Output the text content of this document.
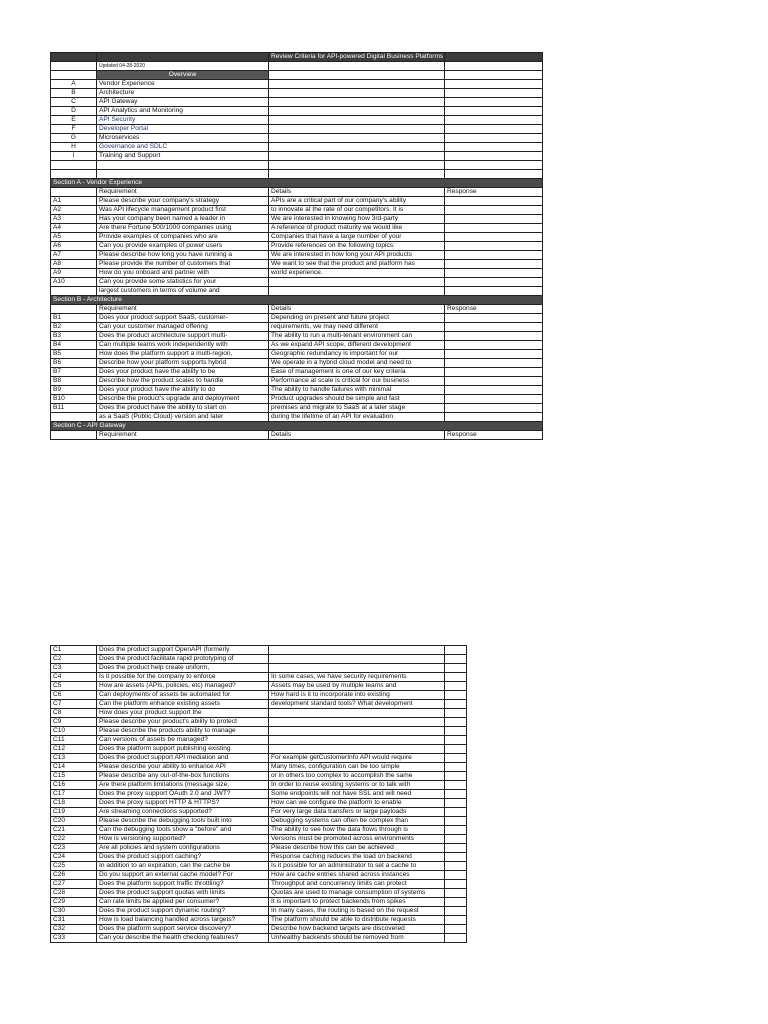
		Review Criteria for API-powered Digital Business Platforms	
	Updated 04-28-2020		
	Overview		
A	Vendor Experience		
B	Architecture		
C	API Gateway		
D	API Analytics and Monitoring		
E	API Security		
F	Developer Portal		
G	Microservices		
H	Governance and SDLC		
I	Training and Support		

Section A - Vendor Experience			
	Requirement	Details	Response
A1	Please describe your company's strategy	APIs are a critical part of our company's ability	
A2	Was API lifecycle management product first	to innovate at the rate of our competitors. It is	
A3	Has your company been named a leader in	We are interested in knowing how 3rd-party	
A4	Are there Fortune 500/1000 companies using	A reference of product maturity we would like	
A5	Provide examples of companies who are	Companies that have a large number of your	
A6	Can you provide examples of power users	Provide references on the following topics:	
A7	Please describe how long you have running a	We are interested in how long your API products	
A8	Please provide the number of customers that	We want to see that the product and platform has	
A9	How do you onboard and partner with	world experience.	
A10	Can you provide some statistics for your		
	largest customers in terms of volume and		
Section B - Architecture			
	Requirement	Details	Response
B1	Does your product support SaaS, customer-	Depending on present and future project	
B2	Can your customer managed offering	requirements, we may need different	
B3	Does the product architecture support multi-	The ability to run a multi-tenant environment can	
B4	Can multiple teams work independently with	As we expand API scope, different development	
B5	How does the platform support a multi-region,	Geographic redundancy is important for our	
B6	Describe how your platform supports hybrid	We operate in a hybrid cloud model and need to	
B7	Does your product have the ability to be	Ease of management is one of our key criteria	
B8	Describe how the product scales to handle	Performance at scale is critical for our business	
B9	Does your product have the ability to do	The ability to handle failures with minimal	
B10	Describe the product's upgrade and deployment	Product upgrades should be simple and fast	
B11	Does the product have the ability to start on	premises and migrate to SaaS at a later stage	
	as a SaaS (Public Cloud) version and later	during the lifetime of an API for evaluation	
Section C - API Gateway			
	Requirement	Details	Response
C1	Does the product support OpenAPI (formerly		
C2	Does the product facilitate rapid prototyping of		
C3	Does the product help create uniform,		
C4	Is it possible for the company to enforce	In some cases, we have security requirements	
C5	How are assets (APIs, policies, etc) managed?	Assets may be used by multiple teams and	
C6	Can deployments of assets be automated for	How hard is it to incorporate into existing	
C7	Can the platform enhance existing assets	development standard tools? What development	
C8	How does your product support the		
C9	Please describe your product's ability to protect		
C10	Please describe the products ability to manage		
C11	Can versions of assets be managed?		
C12	Does the platform support publishing existing		
C13	Does the product support API mediation and	For example getCustomerInfo API would require	
C14	Please describe your ability to enhance API	Many times, configuration can be too simple	
C15	Please describe any out-of-the-box functions	or in others too complex to accomplish the same	
C16	Are there platform limitations (message size,	In order to reuse existing systems or to talk with	
C17	Does the proxy support OAuth 2.0 and JWT?	Some endpoints will not have SSL and will need	
C18	Does the proxy support HTTP & HTTPS?	How can we configure the platform to enable	
C19	Are streaming connections supported?	For very large data transfers or large payloads	
C20	Please describe the debugging tools built into	Debugging systems can often be complex than	
C21	Can the debugging tools show a "before" and	The ability to see how the data flows through is	
C22	How is versioning supported?	Versions must be promoted across environments	
C23	Are all policies and system configurations	Please describe how this can be achieved	
C24	Does the product support caching?	Response caching reduces the load on backend	
C25	In addition to an expiration, can the cache be	Is it possible for an administrator to set a cache to	
C26	Do you support an external cache model? For	How are cache entries shared across instances	
C27	Does the platform support traffic throttling?	Throughput and concurrency limits can protect	
C28	Does the product support quotas with limits	Quotas are used to manage consumption of systems	
C29	Can rate limits be applied per consumer?	It is important to protect backends from spikes	
C30	Does the product support dynamic routing?	In many cases, the routing is based on the request	
C31	How is load balancing handled across targets?	The platform should be able to distribute requests	
C32	Does the platform support service discovery?	Describe how backend targets are discovered	
C33	Can you describe the health checking features?	Unhealthy backends should be removed from	
